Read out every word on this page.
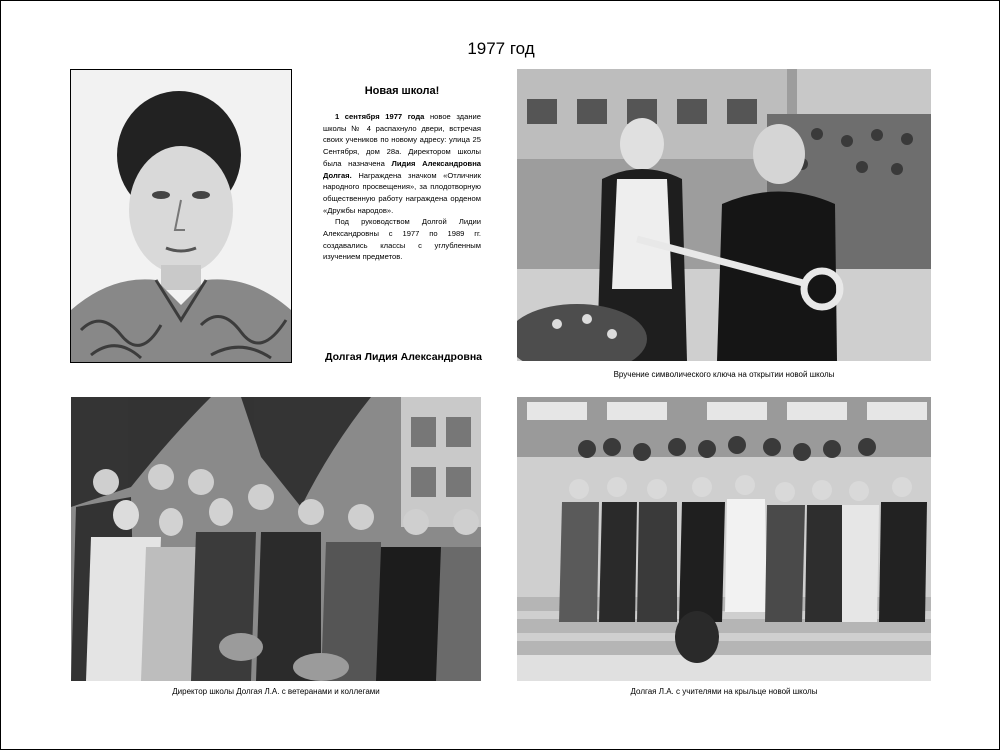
1977 год
Новая школа!

1 сентября 1977 года новое здание школы № 4 распахнуло двери, встречая своих учеников по новому адресу: улица 25 Сентября, дом 28а. Директором школы была назначена Лидия Александровна Долгая. Награждена значком «Отличник народного просвещения», за плодотворную общественную работу награждена орденом «Дружбы народов».

Под руководством Долгой Лидии Александровны с 1977 по 1989 гг. создавались классы с углубленным изучением предметов.

Долгая Лидия Александровна
Вручение символического ключа на открытии новой школы
Директор школы Долгая Л.А. с ветеранами и коллегами	Долгая Л.А. с учителями на крыльце новой школы
